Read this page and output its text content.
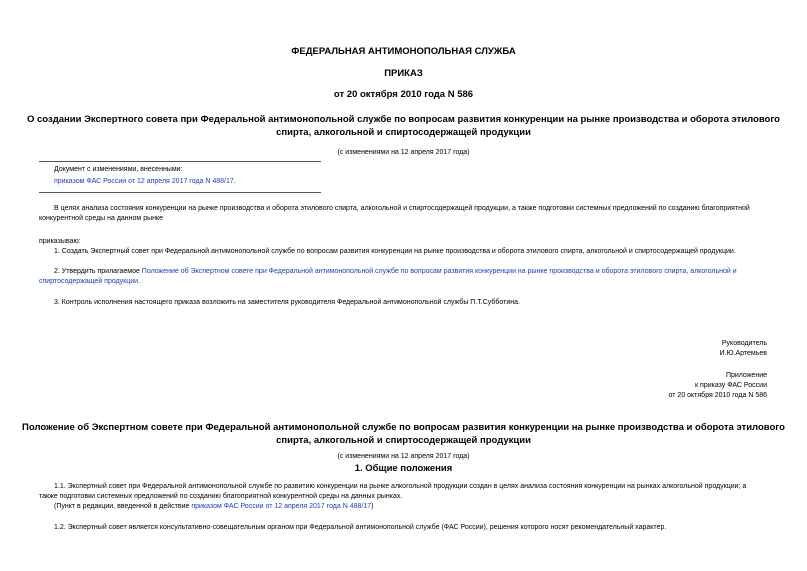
ФЕДЕРАЛЬНАЯ АНТИМОНОПОЛЬНАЯ СЛУЖБА
ПРИКАЗ
от 20 октября 2010 года N 586
О создании Экспертного совета при Федеральной антимонопольной службе по вопросам развития конкуренции на рынке производства и оборота этилового
спирта, алкогольной и спиртосодержащей продукции
(с изменениями на 12 апреля 2017 года)
Документ с изменениями, внесенными:
приказом ФАС России от 12 апреля 2017 года N 488/17.
В целях анализа состояния конкуренции на рынке производства и оборота этилового спирта, алкогольной и спиртосодержащей продукции, а также подготовки системных предложений по созданию благоприятной
конкурентной среды на данном рынке
приказываю:
1. Создать Экспертный совет при Федеральной антимонопольной службе по вопросам развития конкуренции на рынке производства и оборота этилового спирта, алкогольной и спиртосодержащей продукции.
2. Утвердить прилагаемое Положение об Экспертном совете при Федеральной антимонопольной службе по вопросам развития конкуренции на рынке производства и оборота этилового спирта, алкогольной и
спиртосодержащей продукции.
3. Контроль исполнения настоящего приказа возложить на заместителя руководителя Федеральной антимонопольной службы П.Т.Субботина.
Руководитель
И.Ю.Артемьев
Приложение
к приказу ФАС России
от 20 октября 2010 года N 586
Положение об Экспертном совете при Федеральной антимонопольной службе по вопросам развития конкуренции на рынке производства и оборота этилового
спирта, алкогольной и спиртосодержащей продукции
(с изменениями на 12 апреля 2017 года)
1. Общие положения
1.1. Экспертный совет при Федеральной антимонопольной службе по развитию конкуренции на рынке алкогольной продукции создан в целях анализа состояния конкуренции на рынках алкогольной продукции; а
также подготовки системных предложений по созданию благоприятной конкурентной среды на данных рынках.
(Пункт в редакции, введенной в действие приказом ФАС России от 12 апреля 2017 года N 488/17)
1.2. Экспертный совет является консультативно-совещательным органом при Федеральной антимонопольной службе (ФАС России), решения которого носят рекомендательный характер.
